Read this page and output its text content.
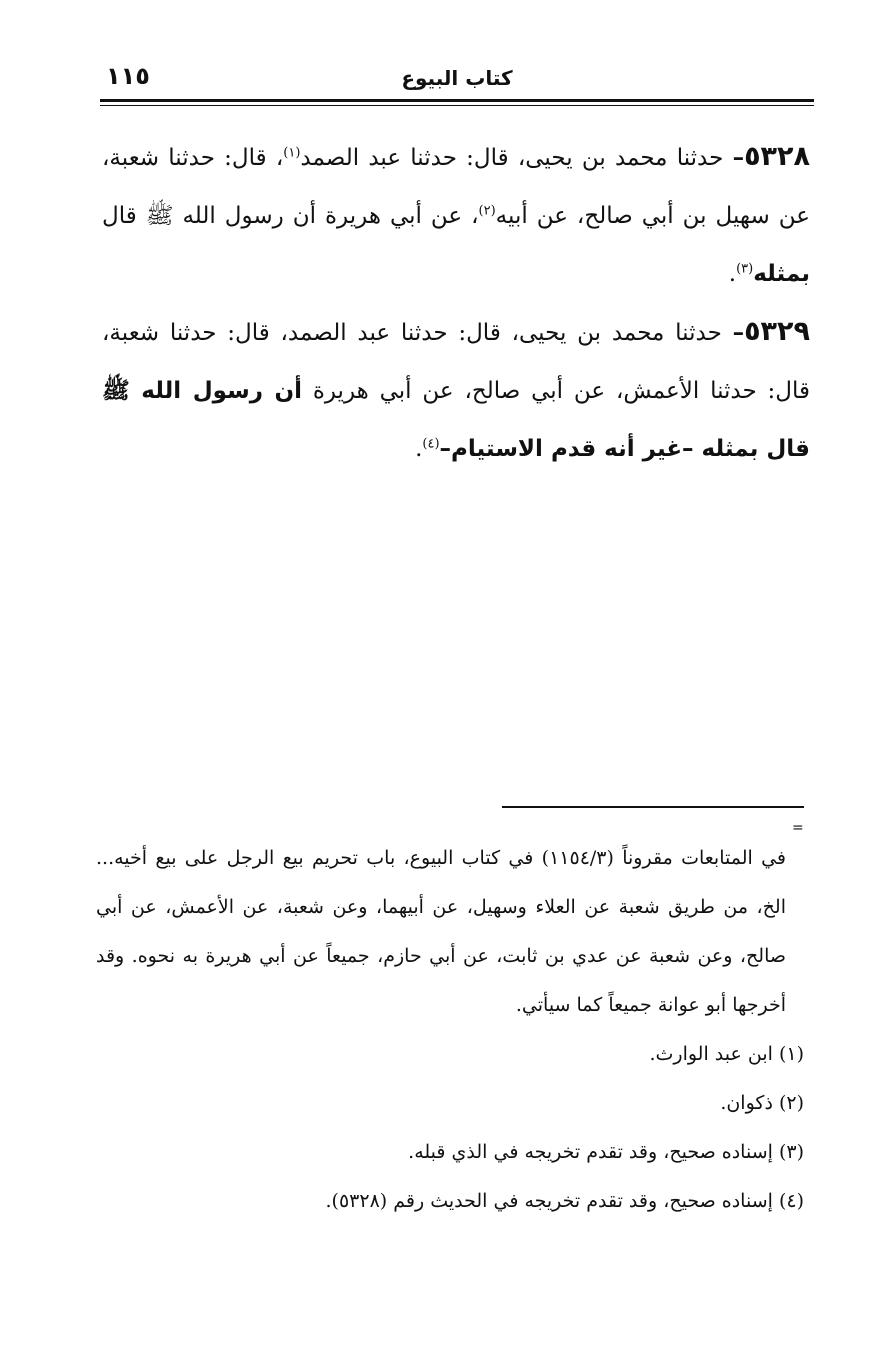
١١٥	كتاب البيوع

٥٣٢٨– حدثنا محمد بن يحيى، قال: حدثنا عبد الصمد$^{(١)}$، قال: حدثنا شعبة، عن سهيل بن أبي صالح، عن أبيه$^{(٢)}$، عن أبي هريرة أن رسول الله ﷺ قال بمثله$^{(٣)}$.

٥٣٢٩– حدثنا محمد بن يحيى، قال: حدثنا عبد الصمد، قال: حدثنا شعبة، قال: حدثنا الأعمش، عن أبي صالح، عن أبي هريرة أن رسول الله ﷺ قال بمثله –غير أنه قدم الاستيام–$^{(٤)}$.

=

في المتابعات مقروناً (١١٥٤/٣) في كتاب البيوع، باب تحريم بيع الرجل على بيع أخيه... الخ، من طريق شعبة عن العلاء وسهيل، عن أبيهما، وعن شعبة، عن الأعمش، عن أبي صالح، وعن شعبة عن عدي بن ثابت، عن أبي حازم، جميعاً عن أبي هريرة به نحوه. وقد أخرجها أبو عوانة جميعاً كما سيأتي.

(١) ابن عبد الوارث.
(٢) ذكوان.
(٣) إسناده صحيح، وقد تقدم تخريجه في الذي قبله.
(٤) إسناده صحيح، وقد تقدم تخريجه في الحديث رقم (٥٣٢٨).
